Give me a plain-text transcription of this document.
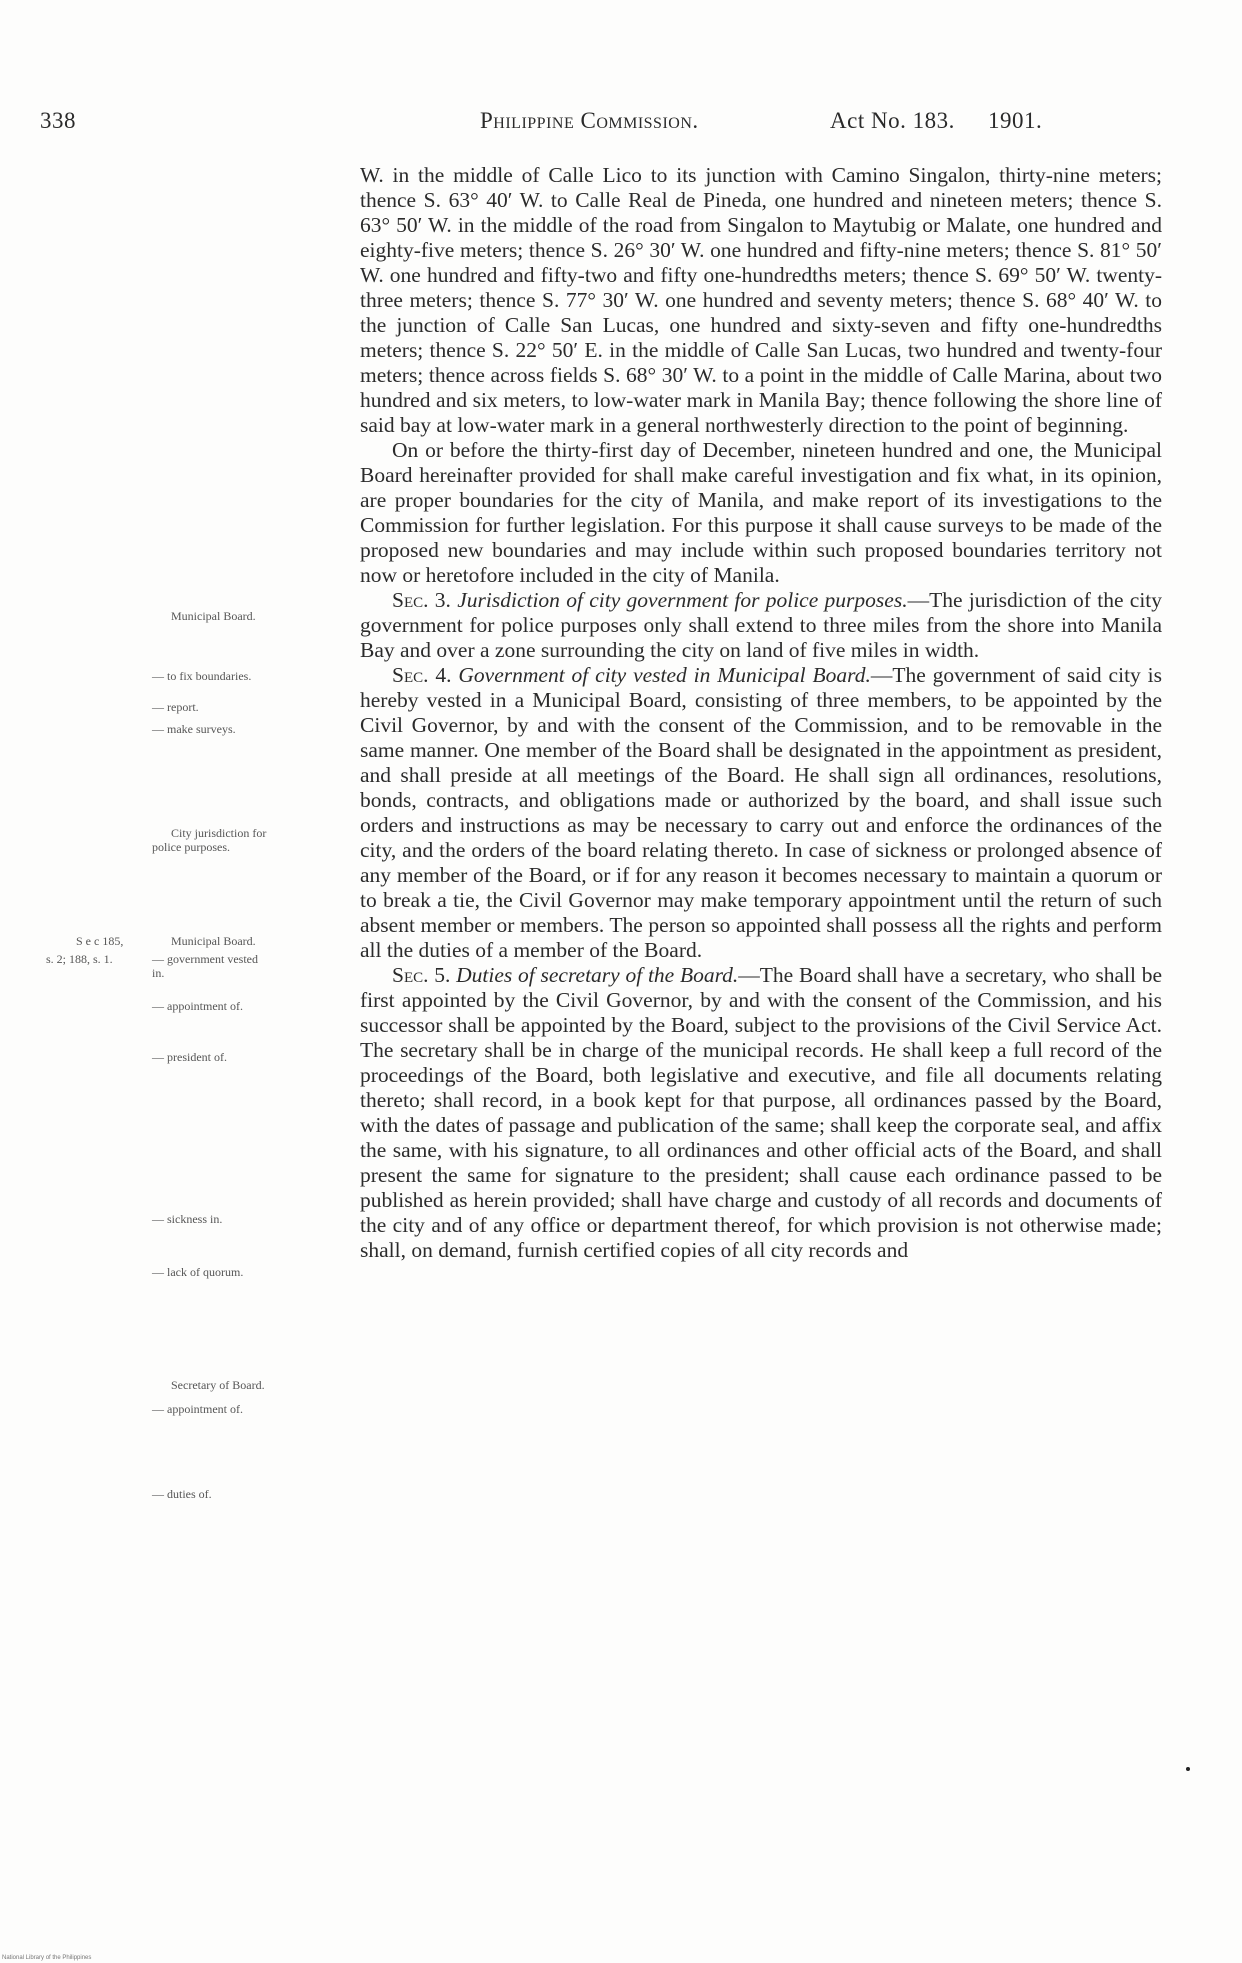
338	Philippine Commission.	Act No. 183. 1901.
Municipal Board.
— to fix boundaries.
— report.
— make surveys.
City jurisdiction for
police purposes.
S e c 185,
s. 2; 188, s. 1.
Municipal Board.
— government vested
in.
— appointment of.
— president of.
— sickness in.
— lack of quorum.
Secretary of Board.
— appointment of.
— duties of.

W. in the middle of Calle Lico to its junction with Camino Singalon, thirty-nine meters; thence S. 63° 40′ W. to Calle Real de Pineda, one hundred and nineteen meters; thence S. 63° 50′ W. in the middle of the road from Singalon to Maytubig or Malate, one hundred and eighty-five meters; thence S. 26° 30′ W. one hundred and fifty-nine meters; thence S. 81° 50′ W. one hundred and fifty-two and fifty one-hundredths meters; thence S. 69° 50′ W. twenty-three meters; thence S. 77° 30′ W. one hundred and seventy meters; thence S. 68° 40′ W. to the junction of Calle San Lucas, one hundred and sixty-seven and fifty one-hundredths meters; thence S. 22° 50′ E. in the middle of Calle San Lucas, two hundred and twenty-four meters; thence across fields S. 68° 30′ W. to a point in the middle of Calle Marina, about two hundred and six meters, to low-water mark in Manila Bay; thence following the shore line of said bay at low-water mark in a general northwesterly direction to the point of beginning.

On or before the thirty-first day of December, nineteen hundred and one, the Municipal Board hereinafter provided for shall make careful investigation and fix what, in its opinion, are proper boundaries for the city of Manila, and make report of its investigations to the Commission for further legislation. For this purpose it shall cause surveys to be made of the proposed new boundaries and may include within such proposed boundaries territory not now or heretofore included in the city of Manila.

Sec. 3. Jurisdiction of city government for police purposes.—The jurisdiction of the city government for police purposes only shall extend to three miles from the shore into Manila Bay and over a zone surrounding the city on land of five miles in width.

Sec. 4. Government of city vested in Municipal Board.—The government of said city is hereby vested in a Municipal Board, consisting of three members, to be appointed by the Civil Governor, by and with the consent of the Commission, and to be removable in the same manner. One member of the Board shall be designated in the appointment as president, and shall preside at all meetings of the Board. He shall sign all ordinances, resolutions, bonds, contracts, and obligations made or authorized by the board, and shall issue such orders and instructions as may be necessary to carry out and enforce the ordinances of the city, and the orders of the board relating thereto. In case of sickness or prolonged absence of any member of the Board, or if for any reason it becomes necessary to maintain a quorum or to break a tie, the Civil Governor may make temporary appointment until the return of such absent member or members. The person so appointed shall possess all the rights and perform all the duties of a member of the Board.

Sec. 5. Duties of secretary of the Board.—The Board shall have a secretary, who shall be first appointed by the Civil Governor, by and with the consent of the Commission, and his successor shall be appointed by the Board, subject to the provisions of the Civil Service Act. The secretary shall be in charge of the municipal records. He shall keep a full record of the proceedings of the Board, both legislative and executive, and file all documents relating thereto; shall record, in a book kept for that purpose, all ordinances passed by the Board, with the dates of passage and publication of the same; shall keep the corporate seal, and affix the same, with his signature, to all ordinances and other official acts of the Board, and shall present the same for signature to the president; shall cause each ordinance passed to be published as herein provided; shall have charge and custody of all records and documents of the city and of any office or department thereof, for which provision is not otherwise made; shall, on demand, furnish certified copies of all city records and

National Library of the Philippines
